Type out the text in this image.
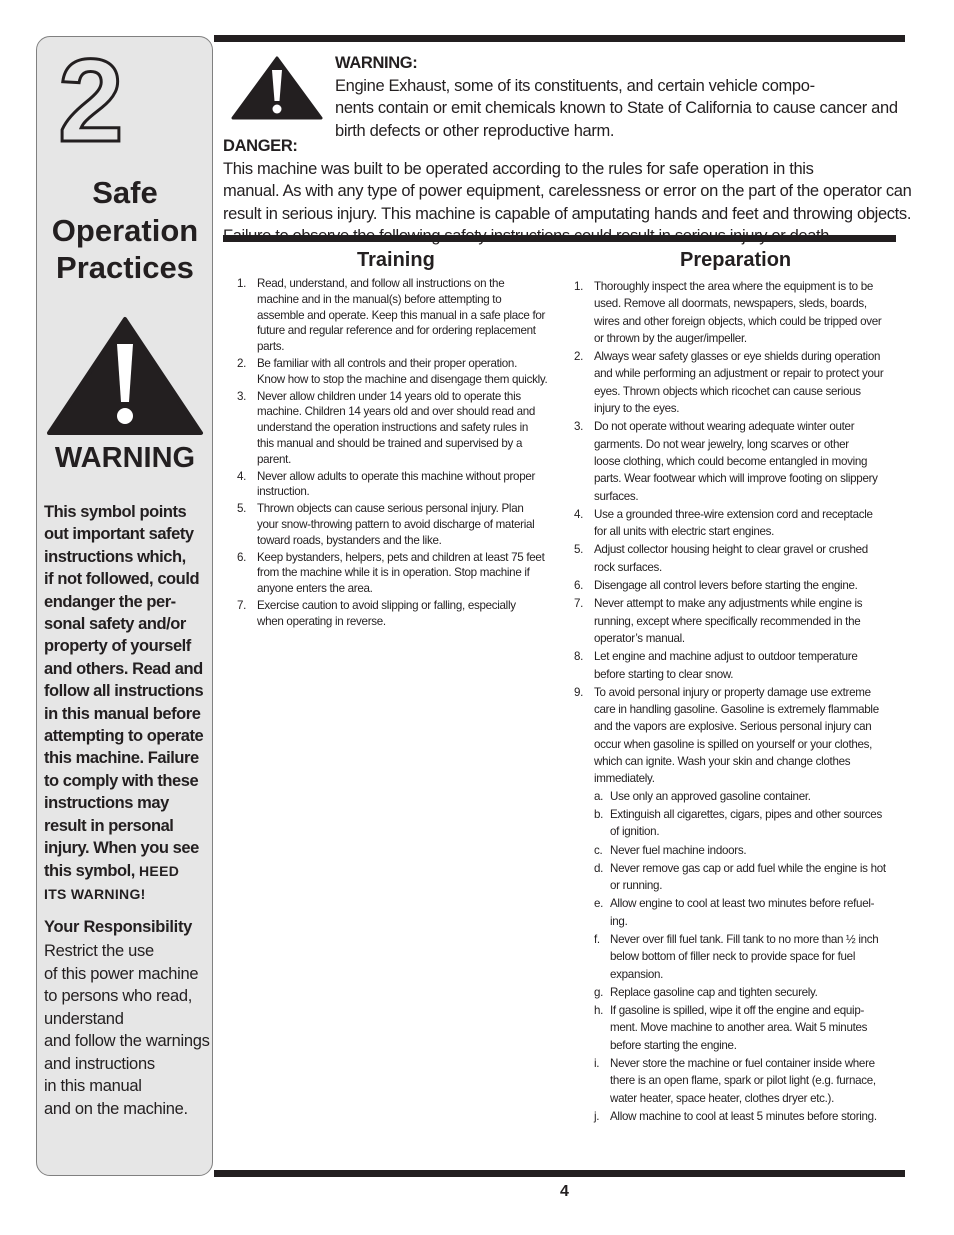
2
Safe
Operation
Practices
WARNING
This symbol points
out important safety
instructions which,
if not followed, could
endanger the per-
sonal safety and/or
property of yourself
and others. Read and
follow all instructions
in this manual before
attempting to operate
this machine. Failure
to comply with these
instructions may
result in personal
injury. When you see
this symbol, HEED
ITS WARNING!
Your Responsibility
Restrict the use
of this power machine
to persons who read,
understand
and follow the warnings
and instructions
in this manual
and on the machine.
WARNING:
Engine Exhaust, some of its constituents, and certain vehicle compo-
nents contain or emit chemicals known to State of California to cause cancer and
birth defects or other reproductive harm.
DANGER:
This machine was built to be operated according to the rules for safe operation in this
manual. As with any type of power equipment, carelessness or error on the part of the operator can
result in serious injury. This machine is capable of amputating hands and feet and throwing objects.
Failure to observe the following safety instructions could result in serious injury or death.
Training
1. Read, understand, and follow all instructions on the
machine and in the manual(s) before attempting to
assemble and operate. Keep this manual in a safe place for
future and regular reference and for ordering replacement
parts.
2. Be familiar with all controls and their proper operation.
Know how to stop the machine and disengage them quickly.
3. Never allow children under 14 years old to operate this
machine. Children 14 years old and over should read and
understand the operation instructions and safety rules in
this manual and should be trained and supervised by a
parent.
4. Never allow adults to operate this machine without proper
instruction.
5. Thrown objects can cause serious personal injury. Plan
your snow-throwing pattern to avoid discharge of material
toward roads, bystanders and the like.
6. Keep bystanders, helpers, pets and children at least 75 feet
from the machine while it is in operation. Stop machine if
anyone enters the area.
7. Exercise caution to avoid slipping or falling, especially
when operating in reverse.
Preparation
1. Thoroughly inspect the area where the equipment is to be
used. Remove all doormats, newspapers, sleds, boards,
wires and other foreign objects, which could be tripped over
or thrown by the auger/impeller.
2. Always wear safety glasses or eye shields during operation
and while performing an adjustment or repair to protect your
eyes. Thrown objects which ricochet can cause serious
injury to the eyes.
3. Do not operate without wearing adequate winter outer
garments. Do not wear jewelry, long scarves or other
loose clothing, which could become entangled in moving
parts. Wear footwear which will improve footing on slippery
surfaces.
4. Use a grounded three-wire extension cord and receptacle
for all units with electric start engines.
5. Adjust collector housing height to clear gravel or crushed
rock surfaces.
6. Disengage all control levers before starting the engine.
7. Never attempt to make any adjustments while engine is
running, except where specifically recommended in the
operator’s manual.
8. Let engine and machine adjust to outdoor temperature
before starting to clear snow.
9. To avoid personal injury or property damage use extreme
care in handling gasoline. Gasoline is extremely flammable
and the vapors are explosive. Serious personal injury can
occur when gasoline is spilled on yourself or your clothes,
which can ignite. Wash your skin and change clothes
immediately.
a. Use only an approved gasoline container.
b. Extinguish all cigarettes, cigars, pipes and other sources
of ignition.
c. Never fuel machine indoors.
d. Never remove gas cap or add fuel while the engine is hot
or running.
e. Allow engine to cool at least two minutes before refuel-
ing.
f. Never over fill fuel tank. Fill tank to no more than ½ inch
below bottom of filler neck to provide space for fuel
expansion.
g. Replace gasoline cap and tighten securely.
h. If gasoline is spilled, wipe it off the engine and equip-
ment. Move machine to another area. Wait 5 minutes
before starting the engine.
i. Never store the machine or fuel container inside where
there is an open flame, spark or pilot light (e.g. furnace,
water heater, space heater, clothes dryer etc.).
j. Allow machine to cool at least 5 minutes before storing.
4
